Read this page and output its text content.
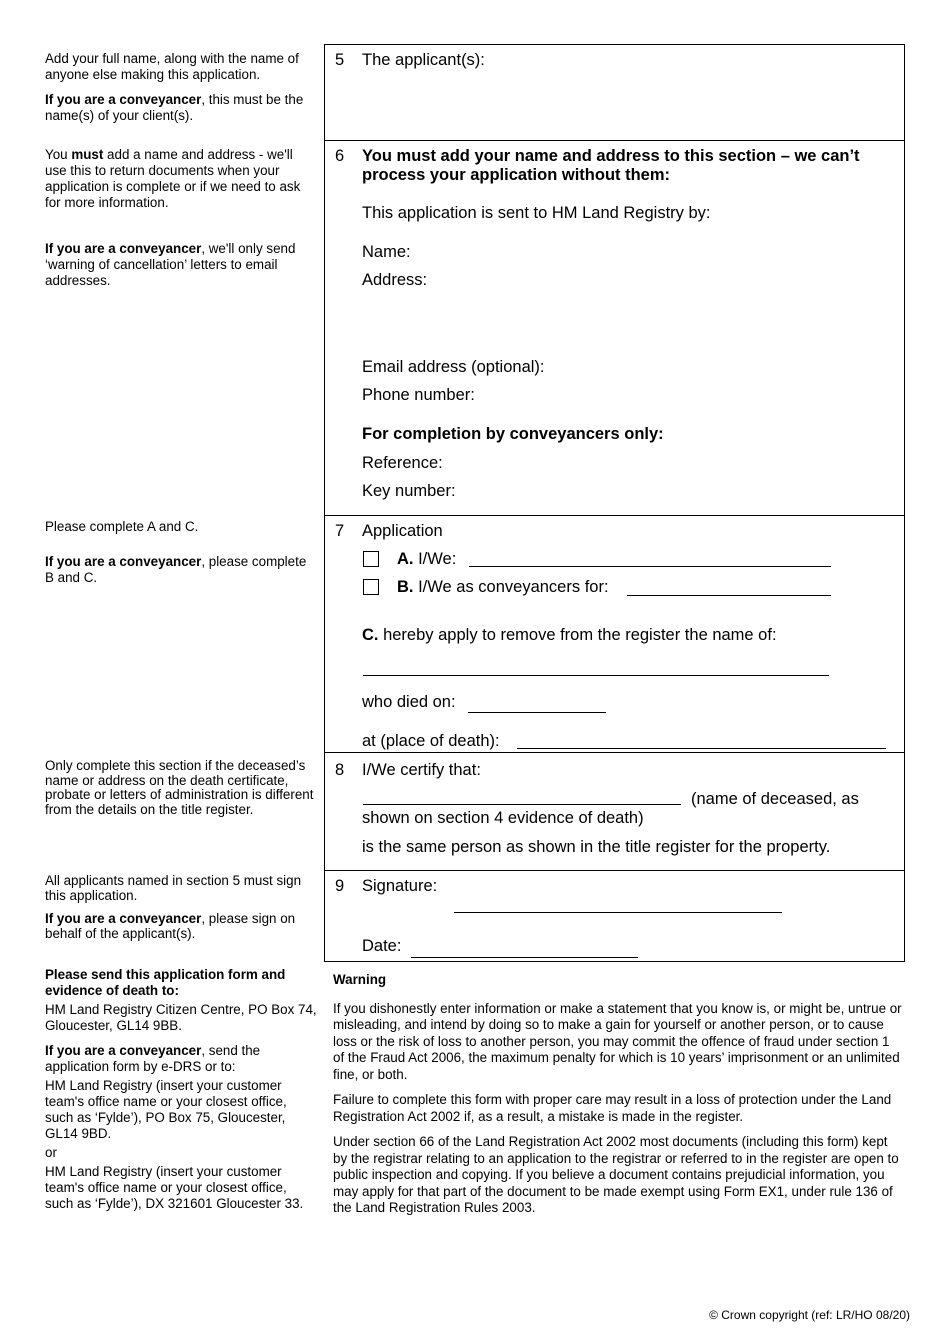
Add your full name, along with the name of anyone else making this application.

If you are a conveyancer, this must be the name(s) of your client(s).

You must add a name and address - we'll use this to return documents when your application is complete or if we need to ask for more information.

If you are a conveyancer, we'll only send ‘warning of cancellation’ letters to email addresses.

Please complete A and C.

If you are a conveyancer, please complete B and C.

Only complete this section if the deceased’s name or address on the death certificate, probate or letters of administration is different from the details on the title register.

All applicants named in section 5 must sign this application.

If you are a conveyancer, please sign on behalf of the applicant(s).

Please send this application form and evidence of death to:

HM Land Registry Citizen Centre, PO Box 74, Gloucester, GL14 9BB.

If you are a conveyancer, send the application form by e-DRS or to:

HM Land Registry (insert your customer team's office name or your closest office, such as ‘Fylde’), PO Box 75, Gloucester, GL14 9BD.

or

HM Land Registry (insert your customer team's office name or your closest office, such as ‘Fylde’), DX 321601 Gloucester 33.

5 The applicant(s):
6 You must add your name and address to this section – we can’t
process your application without them:
This application is sent to HM Land Registry by:
Name:
Address:
Email address (optional):
Phone number:
For completion by conveyancers only:
Reference:
Key number:
7 Application
A. I/We:
B. I/We as conveyancers for:
C. hereby apply to remove from the register the name of:
who died on:
at (place of death):
8 I/We certify that:
(name of deceased, as
shown on section 4 evidence of death)
is the same person as shown in the title register for the property.
9 Signature:
Date:

Warning

If you dishonestly enter information or make a statement that you know is, or might be, untrue or misleading, and intend by doing so to make a gain for yourself or another person, or to cause loss or the risk of loss to another person, you may commit the offence of fraud under section 1 of the Fraud Act 2006, the maximum penalty for which is 10 years’ imprisonment or an unlimited fine, or both.

Failure to complete this form with proper care may result in a loss of protection under the Land Registration Act 2002 if, as a result, a mistake is made in the register.

Under section 66 of the Land Registration Act 2002 most documents (including this form) kept by the registrar relating to an application to the registrar or referred to in the register are open to public inspection and copying. If you believe a document contains prejudicial information, you may apply for that part of the document to be made exempt using Form EX1, under rule 136 of the Land Registration Rules 2003.

© Crown copyright (ref: LR/HO 08/20)
